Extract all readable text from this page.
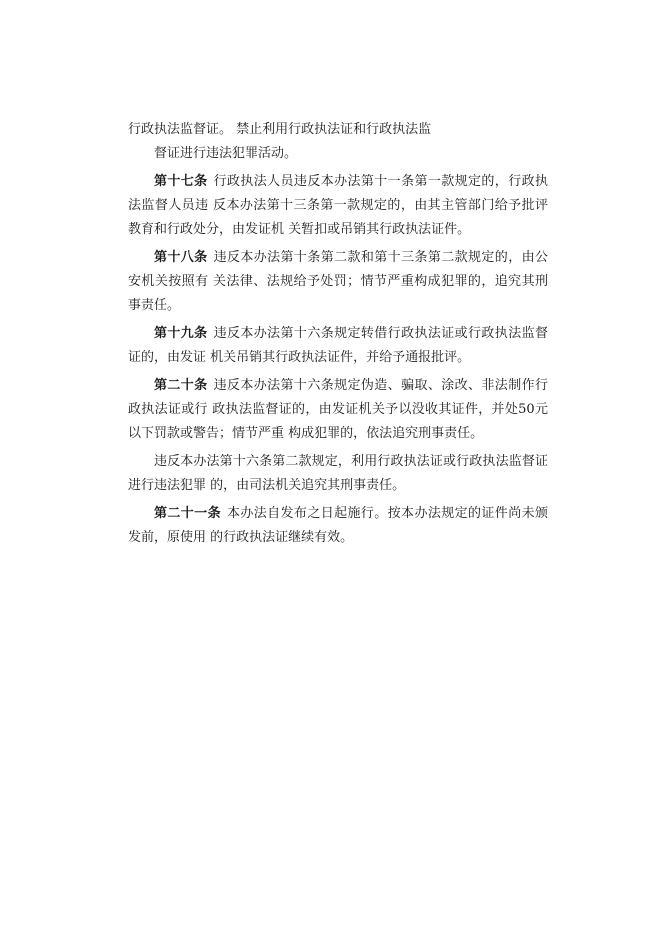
行政执法监督证。 禁止利用行政执法证和行政执法监

督证进行违法犯罪活动。

第十七条 行政执法人员违反本办法第十一条第一款规定的，行政执法监督人员违 反本办法第十三条第一款规定的，由其主管部门给予批评教育和行政处分，由发证机 关暂扣或吊销其行政执法证件。

第十八条 违反本办法第十条第二款和第十三条第二款规定的，由公安机关按照有 关法律、法规给予处罚；情节严重构成犯罪的，追究其刑事责任。

第十九条 违反本办法第十六条规定转借行政执法证或行政执法监督证的，由发证 机关吊销其行政执法证件，并给予通报批评。

第二十条 违反本办法第十六条规定伪造、骗取、涂改、非法制作行政执法证或行 政执法监督证的，由发证机关予以没收其证件，并处50元以下罚款或警告；情节严重 构成犯罪的，依法追究刑事责任。

违反本办法第十六条第二款规定，利用行政执法证或行政执法监督证进行违法犯罪 的，由司法机关追究其刑事责任。

第二十一条 本办法自发布之日起施行。按本办法规定的证件尚未颁发前，原使用 的行政执法证继续有效。
